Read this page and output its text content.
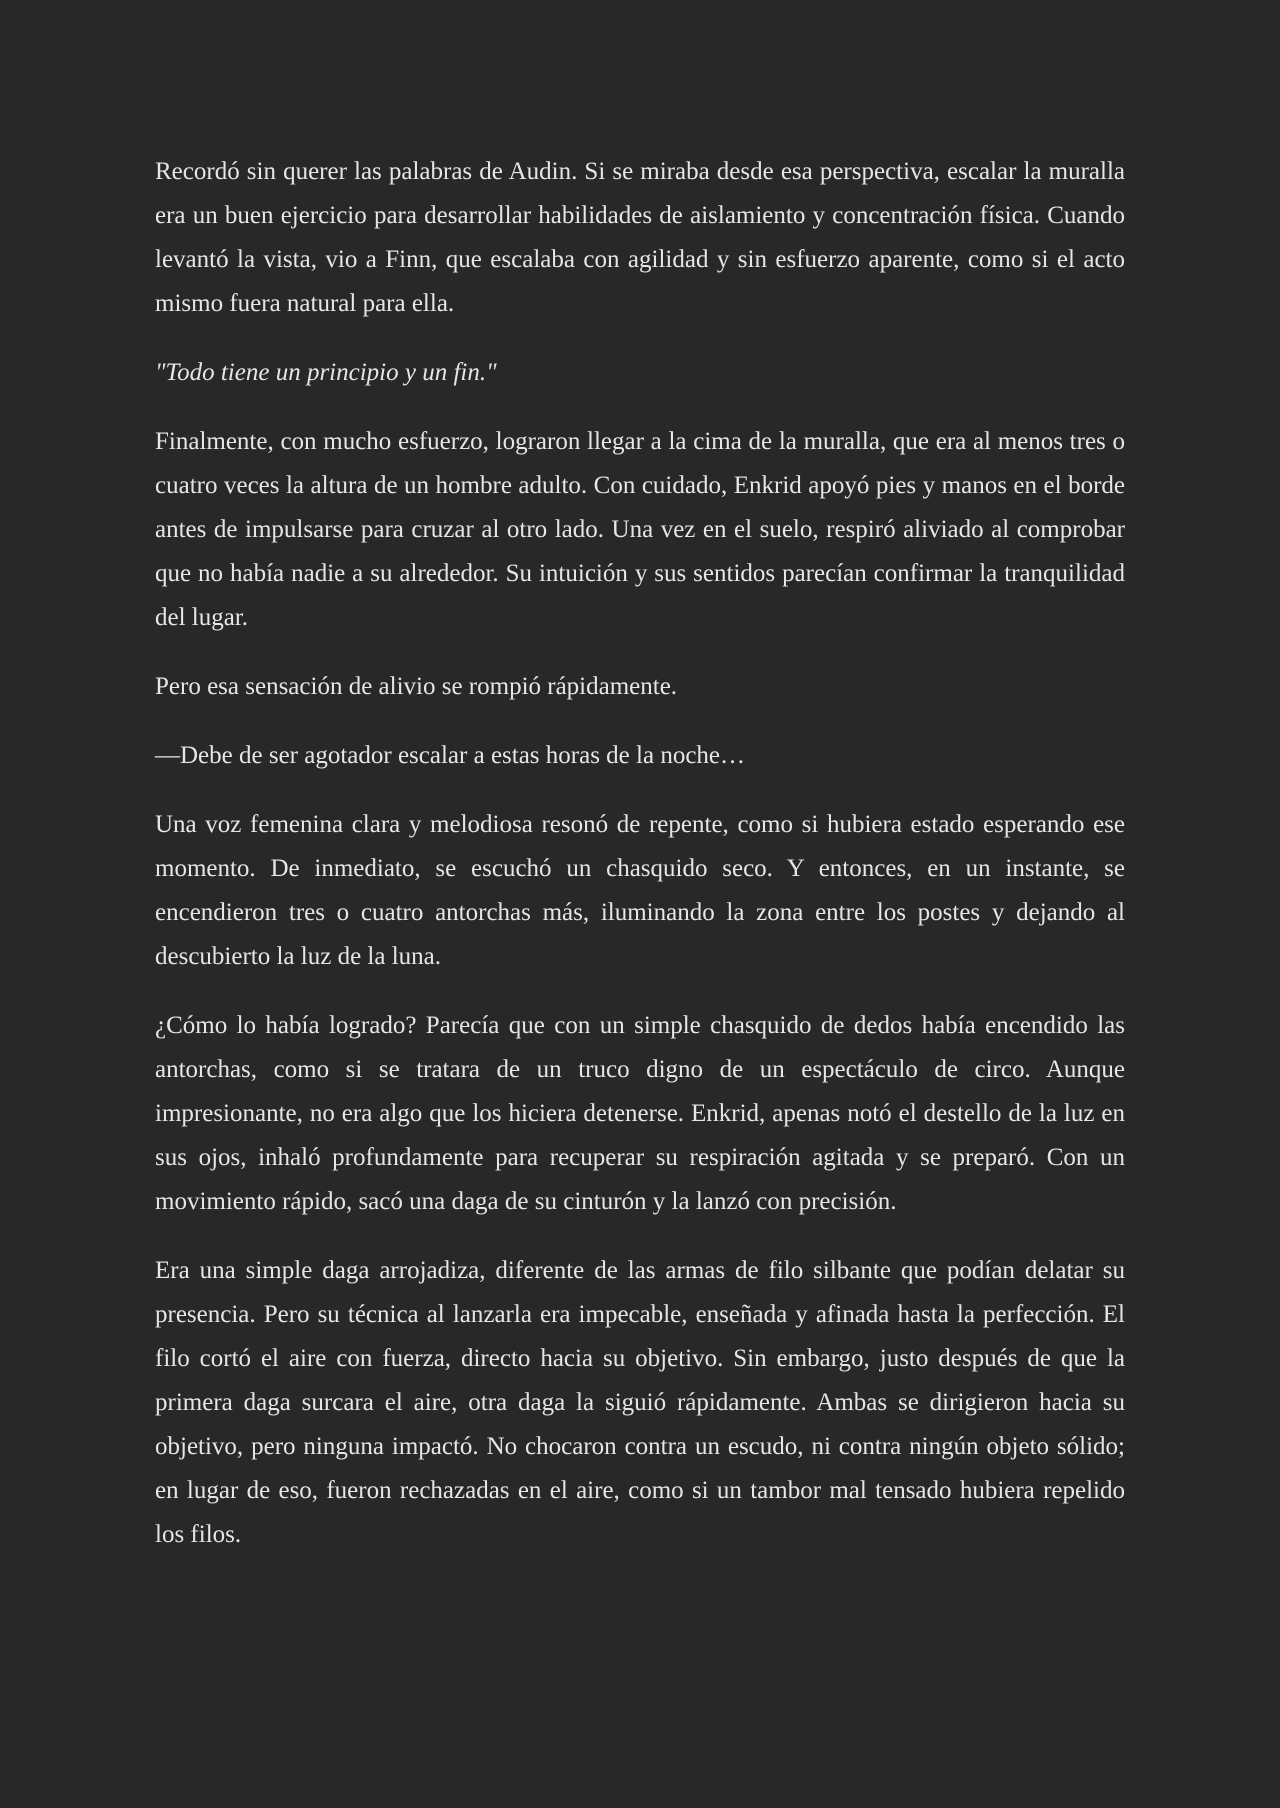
Recordó sin querer las palabras de Audin. Si se miraba desde esa perspectiva, escalar la muralla era un buen ejercicio para desarrollar habilidades de aislamiento y concentración física. Cuando levantó la vista, vio a Finn, que escalaba con agilidad y sin esfuerzo aparente, como si el acto mismo fuera natural para ella.

"Todo tiene un principio y un fin."

Finalmente, con mucho esfuerzo, lograron llegar a la cima de la muralla, que era al menos tres o cuatro veces la altura de un hombre adulto. Con cuidado, Enkrid apoyó pies y manos en el borde antes de impulsarse para cruzar al otro lado. Una vez en el suelo, respiró aliviado al comprobar que no había nadie a su alrededor. Su intuición y sus sentidos parecían confirmar la tranquilidad del lugar.

Pero esa sensación de alivio se rompió rápidamente.

—Debe de ser agotador escalar a estas horas de la noche…

Una voz femenina clara y melodiosa resonó de repente, como si hubiera estado esperando ese momento. De inmediato, se escuchó un chasquido seco. Y entonces, en un instante, se encendieron tres o cuatro antorchas más, iluminando la zona entre los postes y dejando al descubierto la luz de la luna.

¿Cómo lo había logrado? Parecía que con un simple chasquido de dedos había encendido las antorchas, como si se tratara de un truco digno de un espectáculo de circo. Aunque impresionante, no era algo que los hiciera detenerse. Enkrid, apenas notó el destello de la luz en sus ojos, inhaló profundamente para recuperar su respiración agitada y se preparó. Con un movimiento rápido, sacó una daga de su cinturón y la lanzó con precisión.

Era una simple daga arrojadiza, diferente de las armas de filo silbante que podían delatar su presencia. Pero su técnica al lanzarla era impecable, enseñada y afinada hasta la perfección. El filo cortó el aire con fuerza, directo hacia su objetivo. Sin embargo, justo después de que la primera daga surcara el aire, otra daga la siguió rápidamente. Ambas se dirigieron hacia su objetivo, pero ninguna impactó. No chocaron contra un escudo, ni contra ningún objeto sólido; en lugar de eso, fueron rechazadas en el aire, como si un tambor mal tensado hubiera repelido los filos.
